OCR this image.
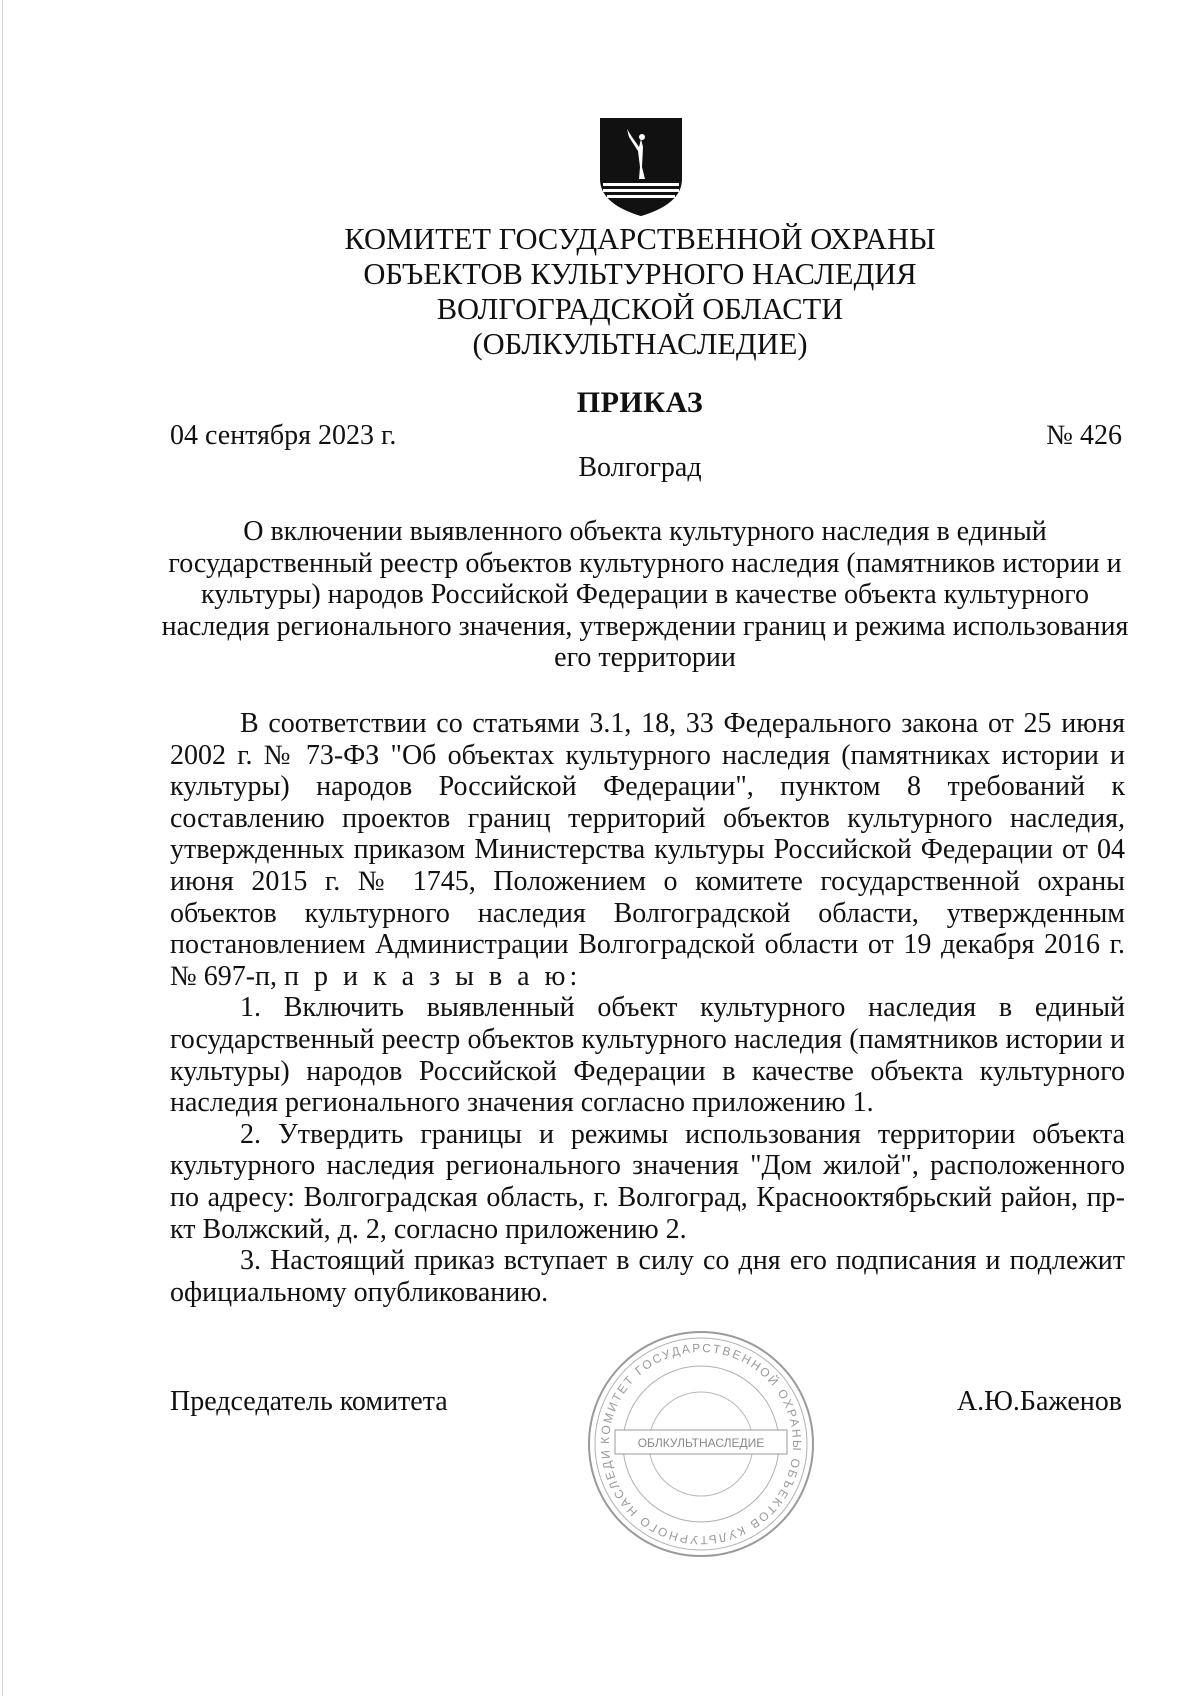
КОМИТЕТ ГОСУДАРСТВЕННОЙ ОХРАНЫ
ОБЪЕКТОВ КУЛЬТУРНОГО НАСЛЕДИЯ
ВОЛГОГРАДСКОЙ ОБЛАСТИ
(ОБЛКУЛЬТНАСЛЕДИЕ)
ПРИКАЗ
04 сентября 2023 г.	№ 426
Волгоград
О включении выявленного объекта культурного наследия в единый государственный реестр объектов культурного наследия (памятников истории и культуры) народов Российской Федерации в качестве объекта культурного наследия регионального значения, утверждении границ и режима использования его территории

В соответствии со статьями 3.1, 18, 33 Федерального закона от 25 июня 2002 г. № 73-ФЗ "Об объектах культурного наследия (памятниках истории и культуры) народов Российской Федерации", пунктом 8 требований к составлению проектов границ территорий объектов культурного наследия, утвержденных приказом Министерства культуры Российской Федерации от 04 июня 2015 г. № 1745, Положением о комитете государственной охраны объектов культурного наследия Волгоградской области, утвержденным постановлением Администрации Волгоградской области от 19 декабря 2016 г. № 697-п, п р и к а з ы в а ю:

1. Включить выявленный объект культурного наследия в единый государственный реестр объектов культурного наследия (памятников истории и культуры) народов Российской Федерации в качестве объекта культурного наследия регионального значения согласно приложению 1.

2. Утвердить границы и режимы использования территории объекта культурного наследия регионального значения "Дом жилой", расположенного по адресу: Волгоградская область, г. Волгоград, Краснооктябрьский район, пр-кт Волжский, д. 2, согласно приложению 2.

3. Настоящий приказ вступает в силу со дня его подписания и подлежит официальному опубликованию.

Председатель комитета	А.Ю.Баженов
КОМИТЕТ ГОСУДАРСТВЕННОЙ ОХРАНЫ ОБЪЕКТОВ КУЛЬТУРНОГО НАСЛЕДИ
ОБЛКУЛЬТНАСЛЕДИЕ
